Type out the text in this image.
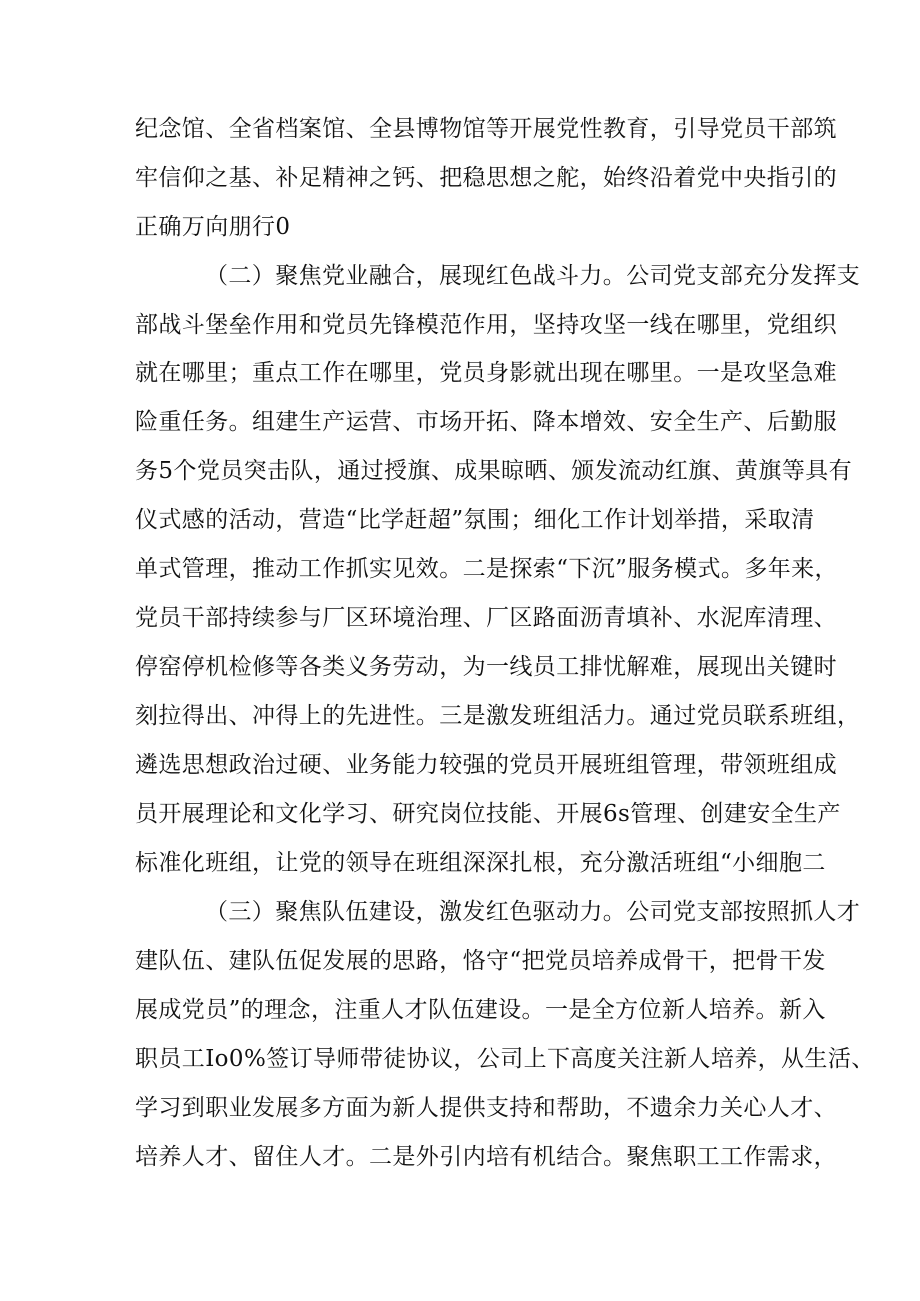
纪念馆、全省档案馆、全县博物馆等开展党性教育，引导党员干部筑
牢信仰之基、补足精神之钙、把稳思想之舵，始终沿着党中央指引的
正确万向朋行0
（二）聚焦党业融合，展现红色战斗力。公司党支部充分发挥支
部战斗堡垒作用和党员先锋模范作用，坚持攻坚一线在哪里，党组织
就在哪里；重点工作在哪里，党员身影就出现在哪里。一是攻坚急难
险重任务。组建生产运营、市场开拓、降本增效、安全生产、后勤服
务5个党员突击队，通过授旗、成果晾晒、颁发流动红旗、黄旗等具有
仪式感的活动，营造“比学赶超”氛围；细化工作计划举措，采取清
单式管理，推动工作抓实见效。二是探索“下沉”服务模式。多年来，
党员干部持续参与厂区环境治理、厂区路面沥青填补、水泥库清理、
停窑停机检修等各类义务劳动，为一线员工排忧解难，展现出关键时
刻拉得出、冲得上的先进性。三是激发班组活力。通过党员联系班组，
遴选思想政治过硬、业务能力较强的党员开展班组管理，带领班组成
员开展理论和文化学习、研究岗位技能、开展6s管理、创建安全生产
标准化班组，让党的领导在班组深深扎根，充分激活班组“小细胞二
（三）聚焦队伍建设，激发红色驱动力。公司党支部按照抓人才
建队伍、建队伍促发展的思路，恪守“把党员培养成骨干，把骨干发
展成党员”的理念，注重人才队伍建设。一是全方位新人培养。新入
职员工Io0%签订导师带徒协议，公司上下高度关注新人培养，从生活、
学习到职业发展多方面为新人提供支持和帮助，不遗余力关心人才、
培养人才、留住人才。二是外引内培有机结合。聚焦职工工作需求，
